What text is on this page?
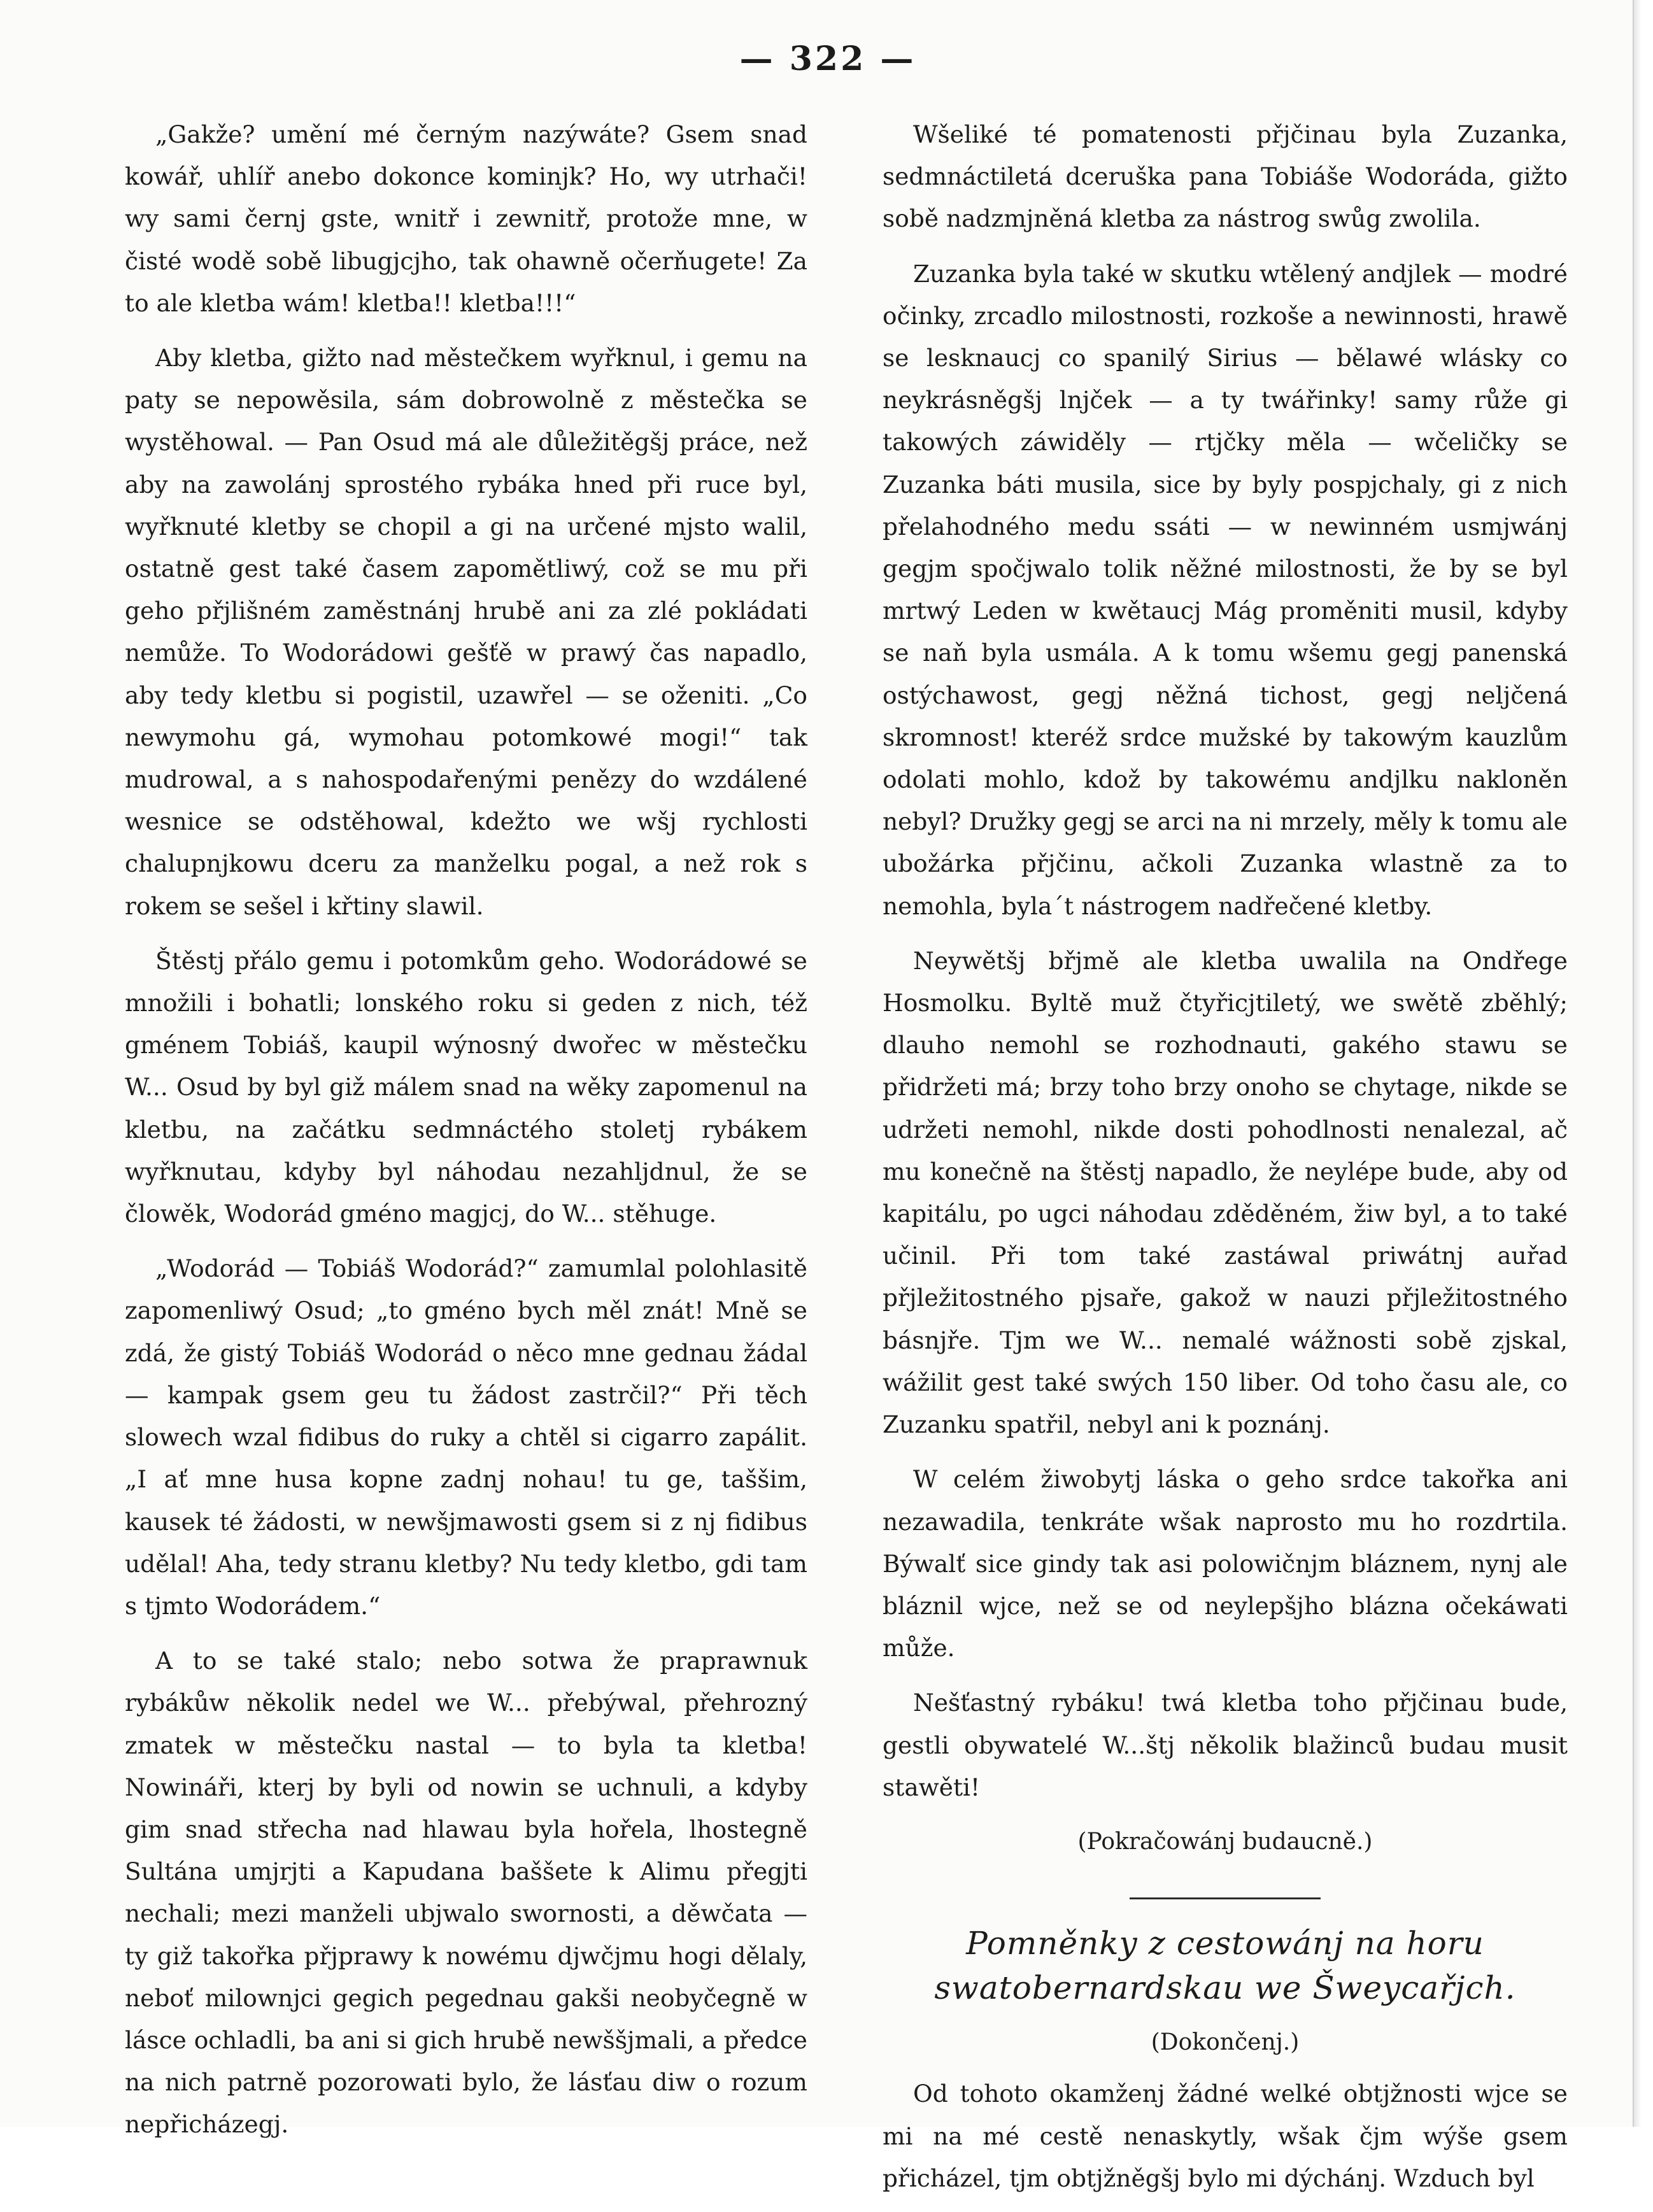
— 322 —

„Gakže? umění mé černým nazýwáte? Gsem snad kowář, uhlíř anebo dokonce kominjk? Ho, wy utrhači! wy sami černj gste, wnitř i zewnitř, protože mne, w čisté wodě sobě libugjcjho, tak ohawně očerňugete! Za to ale kletba wám! kletba!! kletba!!!“

Aby kletba, gižto nad městečkem wyřknul, i gemu na paty se nepowěsila, sám dobrowolně z městečka se wystěhowal. — Pan Osud má ale důležitěgšj práce, než aby na zawolánj sprostého rybáka hned při ruce byl, wyřknuté kletby se chopil a gi na určené mjsto walil, ostatně gest také časem zapomětliwý, což se mu při geho přjlišném zaměstnánj hrubě ani za zlé pokládati nemůže. To Wodorádowi gešťě w prawý čas napadlo, aby tedy kletbu si pogistil, uzawřel — se oženiti. „Co newymohu gá, wymohau potomkowé mogi!“ tak mudrowal, a s nahospodařenými penězy do wzdálené wesnice se odstěhowal, kdežto we wšj rychlosti chalupnjkowu dceru za manželku pogal, a než rok s rokem se sešel i křtiny slawil.

Štěstj přálo gemu i potomkům geho. Wodorádowé se množili i bohatli; lonského roku si geden z nich, též gménem Tobiáš, kaupil wýnosný dwořec w městečku W... Osud by byl giž málem snad na wěky zapomenul na kletbu, na začátku sedmnáctého stoletj rybákem wyřknutau, kdyby byl náhodau nezahljdnul, že se člowěk, Wodorád gméno magjcj, do W... stěhuge.

„Wodorád — Tobiáš Wodorád?“ zamumlal polohlasitě zapomenliwý Osud; „to gméno bych měl znát! Mně se zdá, že gistý Tobiáš Wodorád o něco mne gednau žádal — kampak gsem geu tu žádost zastrčil?“ Při těch slowech wzal fidibus do ruky a chtěl si cigarro zapálit. „I ať mne husa kopne zadnj nohau! tu ge, taššim, kausek té žádosti, w newšjmawosti gsem si z nj fidibus udělal! Aha, tedy stranu kletby? Nu tedy kletbo, gdi tam s tjmto Wodorádem.“

A to se také stalo; nebo sotwa že praprawnuk rybákůw několik nedel we W... přebýwal, přehrozný zmatek w městečku nastal — to byla ta kletba! Nowináři, kterj by byli od nowin se uchnuli, a kdyby gim snad střecha nad hlawau byla hořela, lhostegně Sultána umjrjti a Kapudana baššete k Alimu přegjti nechali; mezi manželi ubjwalo swornosti, a děwčata — ty giž takořka přjprawy k nowému djwčjmu hogi dělaly, neboť milownjci gegich pegednau gakši neobyčegně w lásce ochladli, ba ani si gich hrubě newššjmali, a předce na nich patrně pozorowati bylo, že lásťau diw o rozum nepřicházegj.

Wšeliké té pomatenosti přjčinau byla Zuzanka, sedmnáctiletá dceruška pana Tobiáše Wodoráda, gižto sobě nadzmjněná kletba za nástrog swůg zwolila.

Zuzanka byla také w skutku wtělený andjlek — modré očinky, zrcadlo milostnosti, rozkoše a newinnosti, hrawě se lesknaucj co spanilý Sirius — bělawé wlásky co neykrásněgšj lnjček — a ty twářinky! samy růže gi takowých záwiděly — rtjčky měla — wčeličky se Zuzanka báti musila, sice by byly pospjchaly, gi z nich přelahodného medu ssáti — w newinném usmjwánj gegjm spočjwalo tolik něžné milostnosti, že by se byl mrtwý Leden w kwětaucj Mág proměniti musil, kdyby se naň byla usmála. A k tomu wšemu gegj panenská ostýchawost, gegj něžná tichost, gegj nelјčená skromnost! kteréž srdce mužské by takowým kauzlům odolati mohlo, kdož by takowému andjlku nakloněn nebyl? Družky gegj se arci na ni mrzely, měly k tomu ale ubožárka přjčinu, ačkoli Zuzanka wlastně za to nemohla, byla´t nástrogem nadřečené kletby.

Neywětšj břjmě ale kletba uwalila na Ondřege Hosmolku. Byltě muž čtyřicjtiletý, we swětě zběhlý; dlauho nemohl se rozhodnauti, gakého stawu se přidržeti má; brzy toho brzy onoho se chytage, nikde se udržeti nemohl, nikde dosti pohodlnosti nenalezal, ač mu konečně na štěstj napadlo, že neylépe bude, aby od kapitálu, po ugci náhodau zděděném, žiw byl, a to také učinil. Při tom také zastáwal priwátnj auřad přjležitostného pjsaře, gakož w nauzi přjležitostného básnjře. Tjm we W... nemalé wážnosti sobě zjskal, wážilit gest také swých 150 liber. Od toho času ale, co Zuzanku spatřil, nebyl ani k poznánj.

W celém žiwobytj láska o geho srdce takořka ani nezawadila, tenkráte wšak naprosto mu ho rozdrtila. Býwalť sice gindy tak asi polowičnjm bláznem, nynj ale bláznil wjce, než se od neylepšjho blázna očekáwati může.

Nešťastný rybáku! twá kletba toho přjčinau bude, gestli obywatelé W...štj několik blažinců budau musit stawěti!

(Pokračowánj budaucně.)
Pomněnky z cestowánj na horu swatobernardskau we Šweycařjch.
(Dokončenj.)

Od tohoto okamženj žádné welké obtjžnosti wjce se mi na mé cestě nenaskytly, wšak čjm wýše gsem přicházel, tjm obtjžněgšj bylo mi dýchánj. Wzduch byl
